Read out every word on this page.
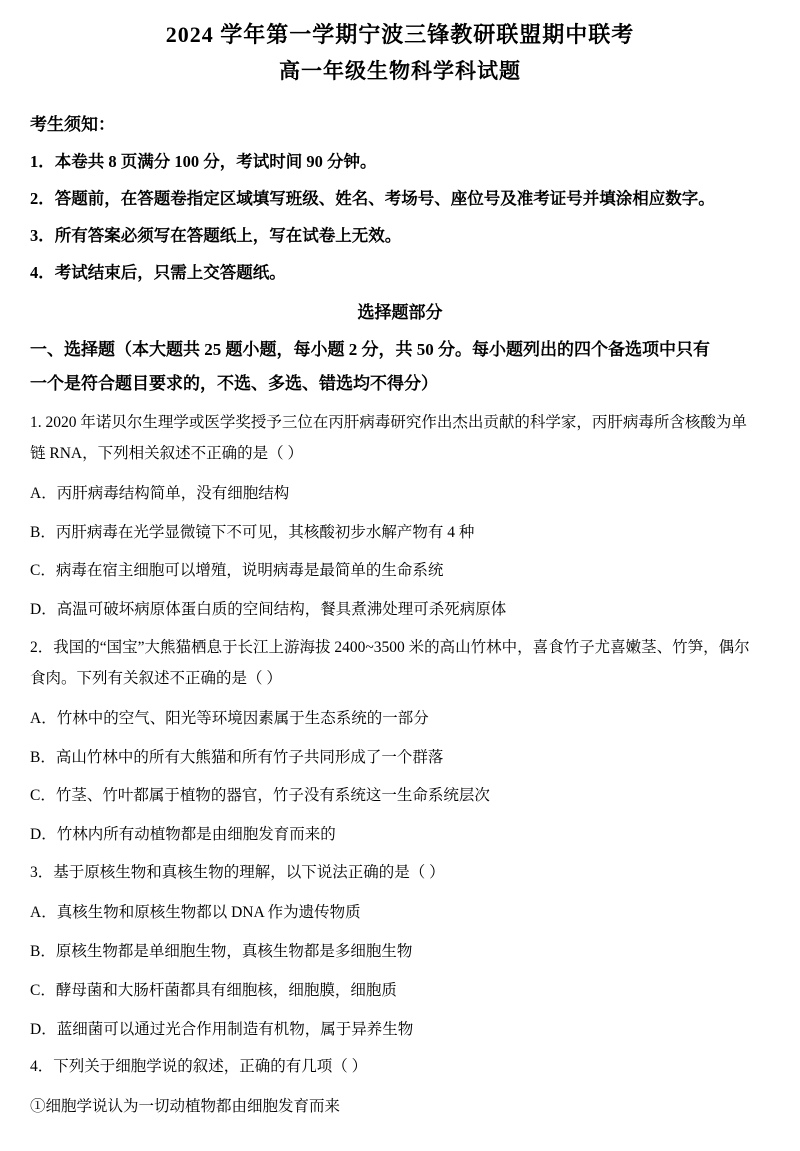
2024 学年第一学期宁波三锋教研联盟期中联考
高一年级生物科学科试题
考生须知：
1．本卷共 8 页满分 100 分，考试时间 90 分钟。
2．答题前，在答题卷指定区域填写班级、姓名、考场号、座位号及准考证号并填涂相应数字。
3．所有答案必须写在答题纸上，写在试卷上无效。
4．考试结束后，只需上交答题纸。
选择题部分
一、选择题（本大题共 25 题小题，每小题 2 分，共 50 分。每小题列出的四个备选项中只有
一个是符合题目要求的，不选、多选、错选均不得分）
1. 2020 年诺贝尔生理学或医学奖授予三位在丙肝病毒研究作出杰出贡献的科学家，丙肝病毒所含核酸为单
链 RNA，下列相关叙述不正确的是（ ）
A．丙肝病毒结构简单，没有细胞结构
B．丙肝病毒在光学显微镜下不可见，其核酸初步水解产物有 4 种
C．病毒在宿主细胞可以增殖，说明病毒是最简单的生命系统
D．高温可破坏病原体蛋白质的空间结构，餐具煮沸处理可杀死病原体
2．我国的“国宝”大熊猫栖息于长江上游海拔 2400~3500 米的高山竹林中，喜食竹子尤喜嫩茎、竹笋，偶尔
食肉。下列有关叙述不正确的是（ ）
A．竹林中的空气、阳光等环境因素属于生态系统的一部分
B．高山竹林中的所有大熊猫和所有竹子共同形成了一个群落
C．竹茎、竹叶都属于植物的器官，竹子没有系统这一生命系统层次
D．竹林内所有动植物都是由细胞发育而来的
3．基于原核生物和真核生物的理解，以下说法正确的是（ ）
A．真核生物和原核生物都以 DNA 作为遗传物质
B．原核生物都是单细胞生物，真核生物都是多细胞生物
C．酵母菌和大肠杆菌都具有细胞核，细胞膜，细胞质
D．蓝细菌可以通过光合作用制造有机物，属于异养生物
4．下列关于细胞学说的叙述，正确的有几项（ ）
①细胞学说认为一切动植物都由细胞发育而来
